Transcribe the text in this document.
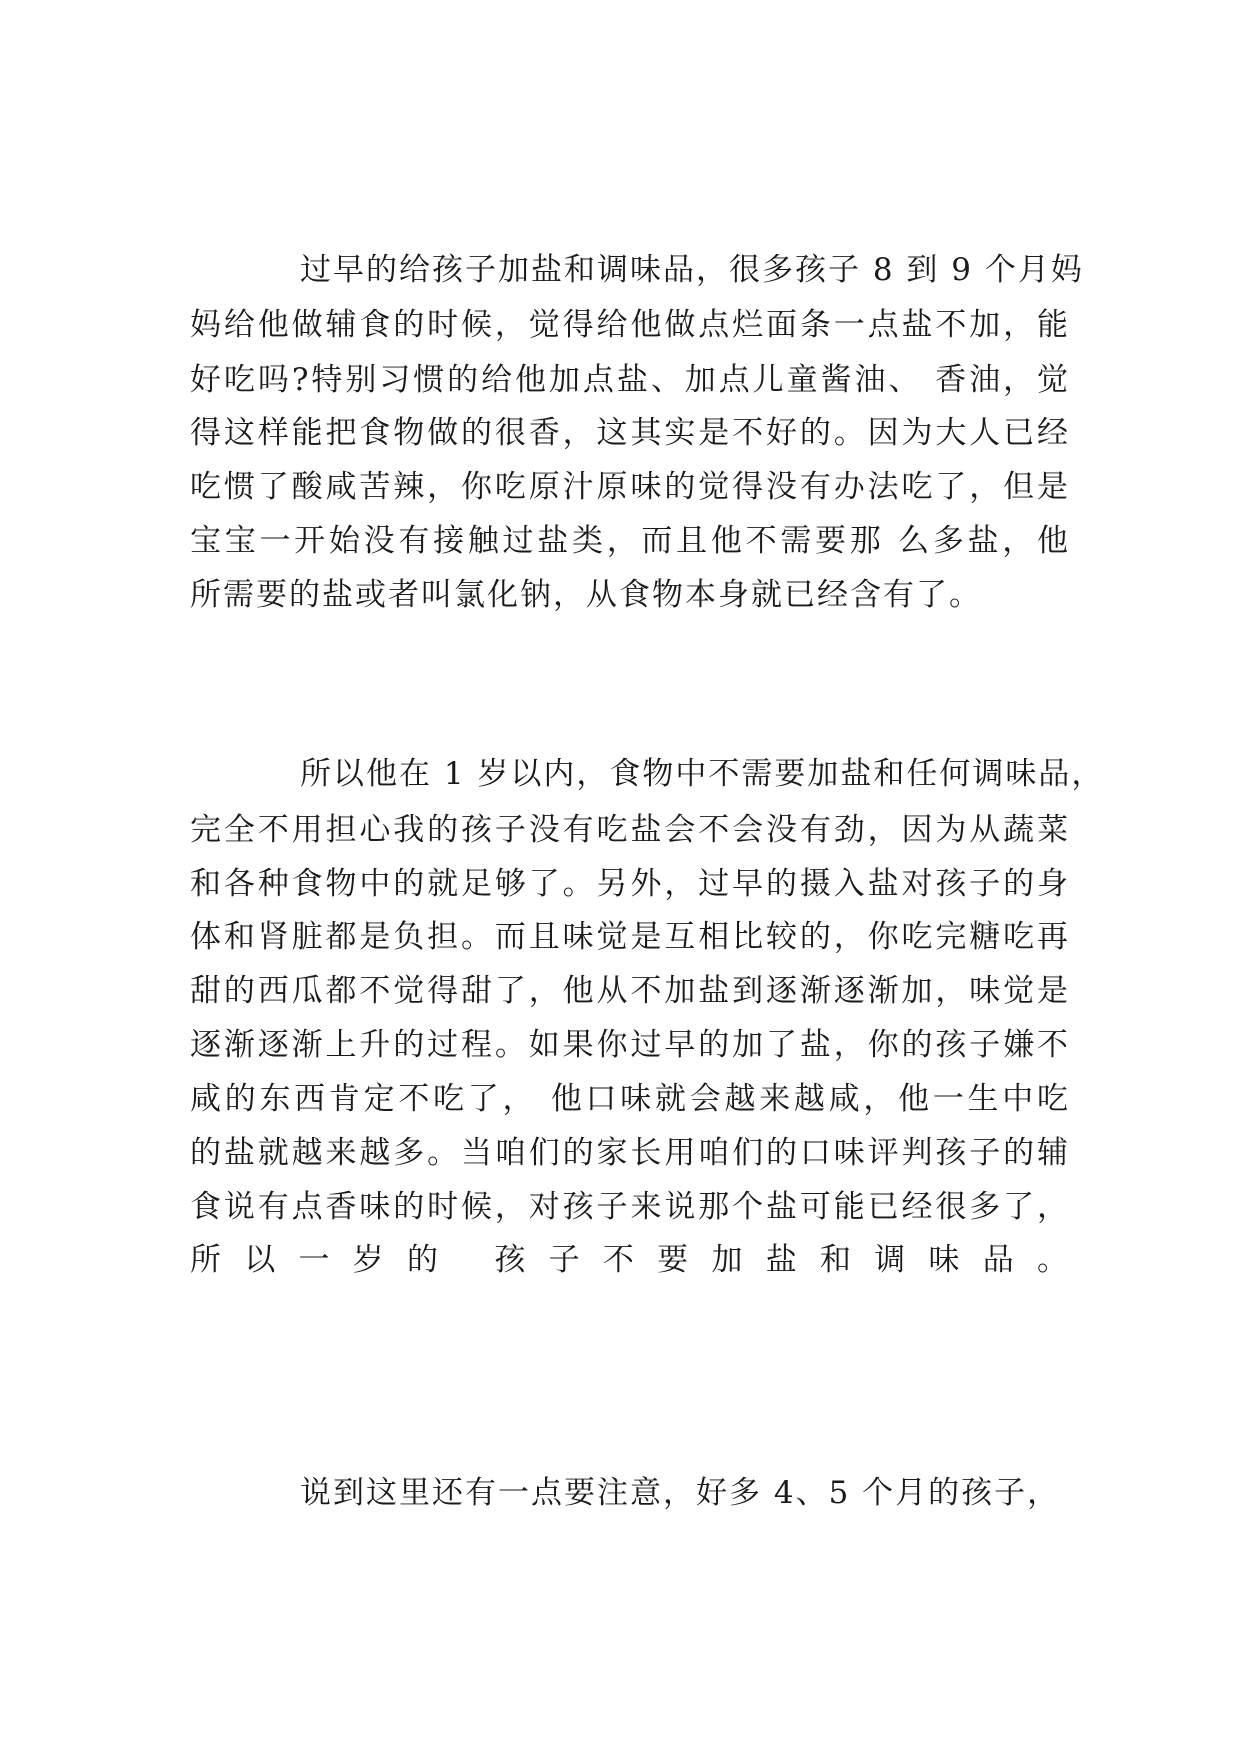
过早的给孩子加盐和调味品，很多孩子 8 到 9 个月妈
妈给他做辅食的时候，觉得给他做点烂面条一点盐不加，能
好吃吗?特别习惯的给他加点盐、加点儿童酱油、 香油，觉
得这样能把食物做的很香，这其实是不好的。因为大人已经
吃惯了酸咸苦辣，你吃原汁原味的觉得没有办法吃了，但是
宝宝一开始没有接触过盐类，而且他不需要那 么多盐，他
所需要的盐或者叫氯化钠，从食物本身就已经含有了。
所以他在 1 岁以内，食物中不需要加盐和任何调味品，
完全不用担心我的孩子没有吃盐会不会没有劲，因为从蔬菜
和各种食物中的就足够了。另外，过早的摄入盐对孩子的身
体和肾脏都是负担。而且味觉是互相比较的，你吃完糖吃再
甜的西瓜都不觉得甜了，他从不加盐到逐渐逐渐加，味觉是
逐渐逐渐上升的过程。如果你过早的加了盐，你的孩子嫌不
咸的东西肯定不吃了， 他口味就会越来越咸，他一生中吃
的盐就越来越多。当咱们的家长用咱们的口味评判孩子的辅
食说有点香味的时候，对孩子来说那个盐可能已经很多了，
所以一岁的 孩子不要加盐和调味品。
说到这里还有一点要注意，好多 4、5 个月的孩子，
